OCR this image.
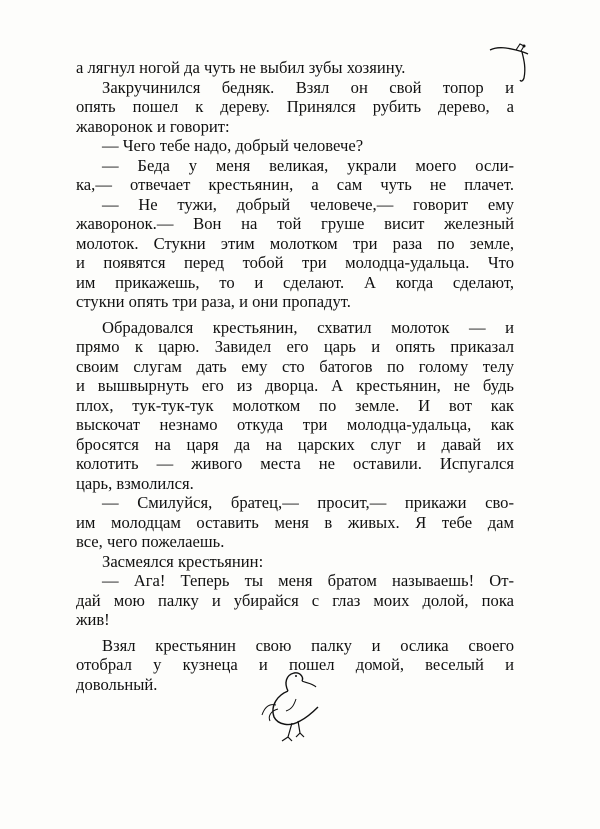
а лягнул ногой да чуть не выбил зубы хозяину.
Закручинился бедняк. Взял он свой топор и
опять пошел к дереву. Принялся рубить дерево, а
жаворонок и говорит:
— Чего тебе надо, добрый человече?
— Беда у меня великая, украли моего осли-
ка,— отвечает крестьянин, а сам чуть не плачет.
— Не тужи, добрый человече,— говорит ему
жаворонок.— Вон на той груше висит железный
молоток. Стукни этим молотком три раза по земле,
и появятся перед тобой три молодца-удальца. Что
им прикажешь, то и сделают. А когда сделают,
стукни опять три раза, и они пропадут.
Обрадовался крестьянин, схватил молоток — и
прямо к царю. Завидел его царь и опять приказал
своим слугам дать ему сто батогов по голому телу
и вышвырнуть его из дворца. А крестьянин, не будь
плох, тук-тук-тук молотком по земле. И вот как
выскочат незнамо откуда три молодца-удальца, как
бросятся на царя да на царских слуг и давай их
колотить — живого места не оставили. Испугался
царь, взмолился.
— Смилуйся, братец,— просит,— прикажи сво-
им молодцам оставить меня в живых. Я тебе дам
все, чего пожелаешь.
Засмеялся крестьянин:
— Ага! Теперь ты меня братом называешь! От-
дай мою палку и убирайся с глаз моих долой, пока
жив!
Взял крестьянин свою палку и ослика своего
отобрал у кузнеца и пошел домой, веселый и
довольный.
